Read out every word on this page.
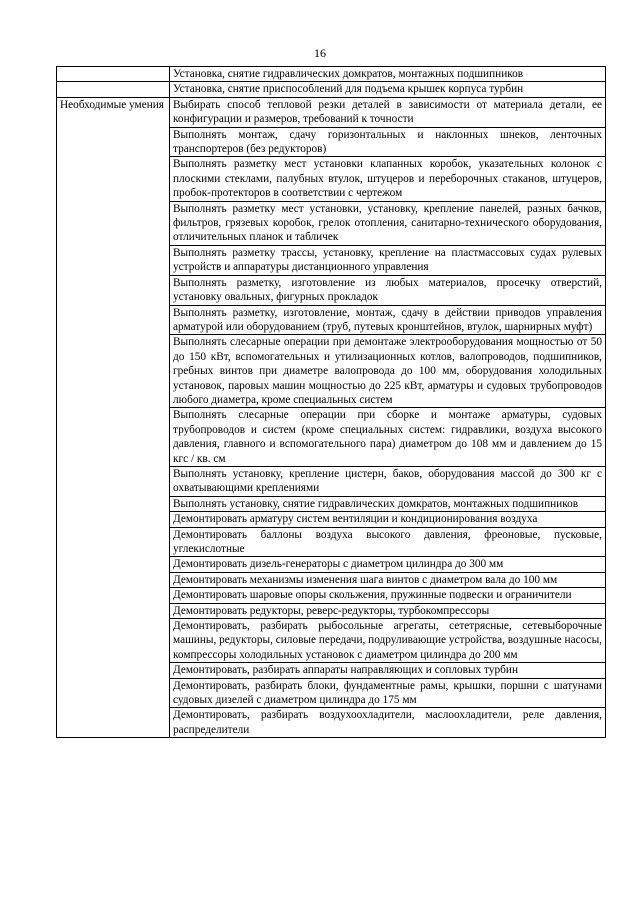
16
	Установка, снятие гидравлических домкратов, монтажных подшипников
	Установка, снятие приспособлений для подъема крышек корпуса турбин
Необходимые умения	Выбирать способ тепловой резки деталей в зависимости от материала детали, ее конфигурации и размеров, требований к точности
	Выполнять монтаж, сдачу горизонтальных и наклонных шнеков, ленточных транспортеров (без редукторов)
	Выполнять разметку мест установки клапанных коробок, указательных колонок с плоскими стеклами, палубных втулок, штуцеров и переборочных стаканов, штуцеров, пробок-протекторов в соответствии с чертежом
	Выполнять разметку мест установки, установку, крепление панелей, разных бачков, фильтров, грязевых коробок, грелок отопления, санитарно-технического оборудования, отличительных планок и табличек
	Выполнять разметку трассы, установку, крепление на пластмассовых судах рулевых устройств и аппаратуры дистанционного управления
	Выполнять разметку, изготовление из любых материалов, просечку отверстий, установку овальных, фигурных прокладок
	Выполнять разметку, изготовление, монтаж, сдачу в действии приводов управления арматурой или оборудованием (труб, путевых кронштейнов, втулок, шарнирных муфт)
	Выполнять слесарные операции при демонтаже электрооборудования мощностью от 50 до 150 кВт, вспомогательных и утилизационных котлов, валопроводов, подшипников, гребных винтов при диаметре валопровода до 100 мм, оборудования холодильных установок, паровых машин мощностью до 225 кВт, арматуры и судовых трубопроводов любого диаметра, кроме специальных систем
	Выполнять слесарные операции при сборке и монтаже арматуры, судовых трубопроводов и систем (кроме специальных систем: гидравлики, воздуха высокого давления, главного и вспомогательного пара) диаметром до 108 мм и давлением до 15 кгс / кв. см
	Выполнять установку, крепление цистерн, баков, оборудования массой до 300 кг с охватывающими креплениями
	Выполнять установку, снятие гидравлических домкратов, монтажных подшипников
	Демонтировать арматуру систем вентиляции и кондиционирования воздуха
	Демонтировать баллоны воздуха высокого давления, фреоновые, пусковые, углекислотные
	Демонтировать дизель-генераторы с диаметром цилиндра до 300 мм
	Демонтировать механизмы изменения шага винтов с диаметром вала до 100 мм
	Демонтировать шаровые опоры скольжения, пружинные подвески и ограничители
	Демонтировать редукторы, реверс-редукторы, турбокомпрессоры
	Демонтировать, разбирать рыбосольные агрегаты, сететрясные, сетевыборочные машины, редукторы, силовые передачи, подруливающие устройства, воздушные насосы, компрессоры холодильных установок с диаметром цилиндра до 200 мм
	Демонтировать, разбирать аппараты направляющих и сопловых турбин
	Демонтировать, разбирать блоки, фундаментные рамы, крышки, поршни с шатунами судовых дизелей с диаметром цилиндра до 175 мм
	Демонтировать, разбирать воздухоохладители, маслоохладители, реле давления, распределители
